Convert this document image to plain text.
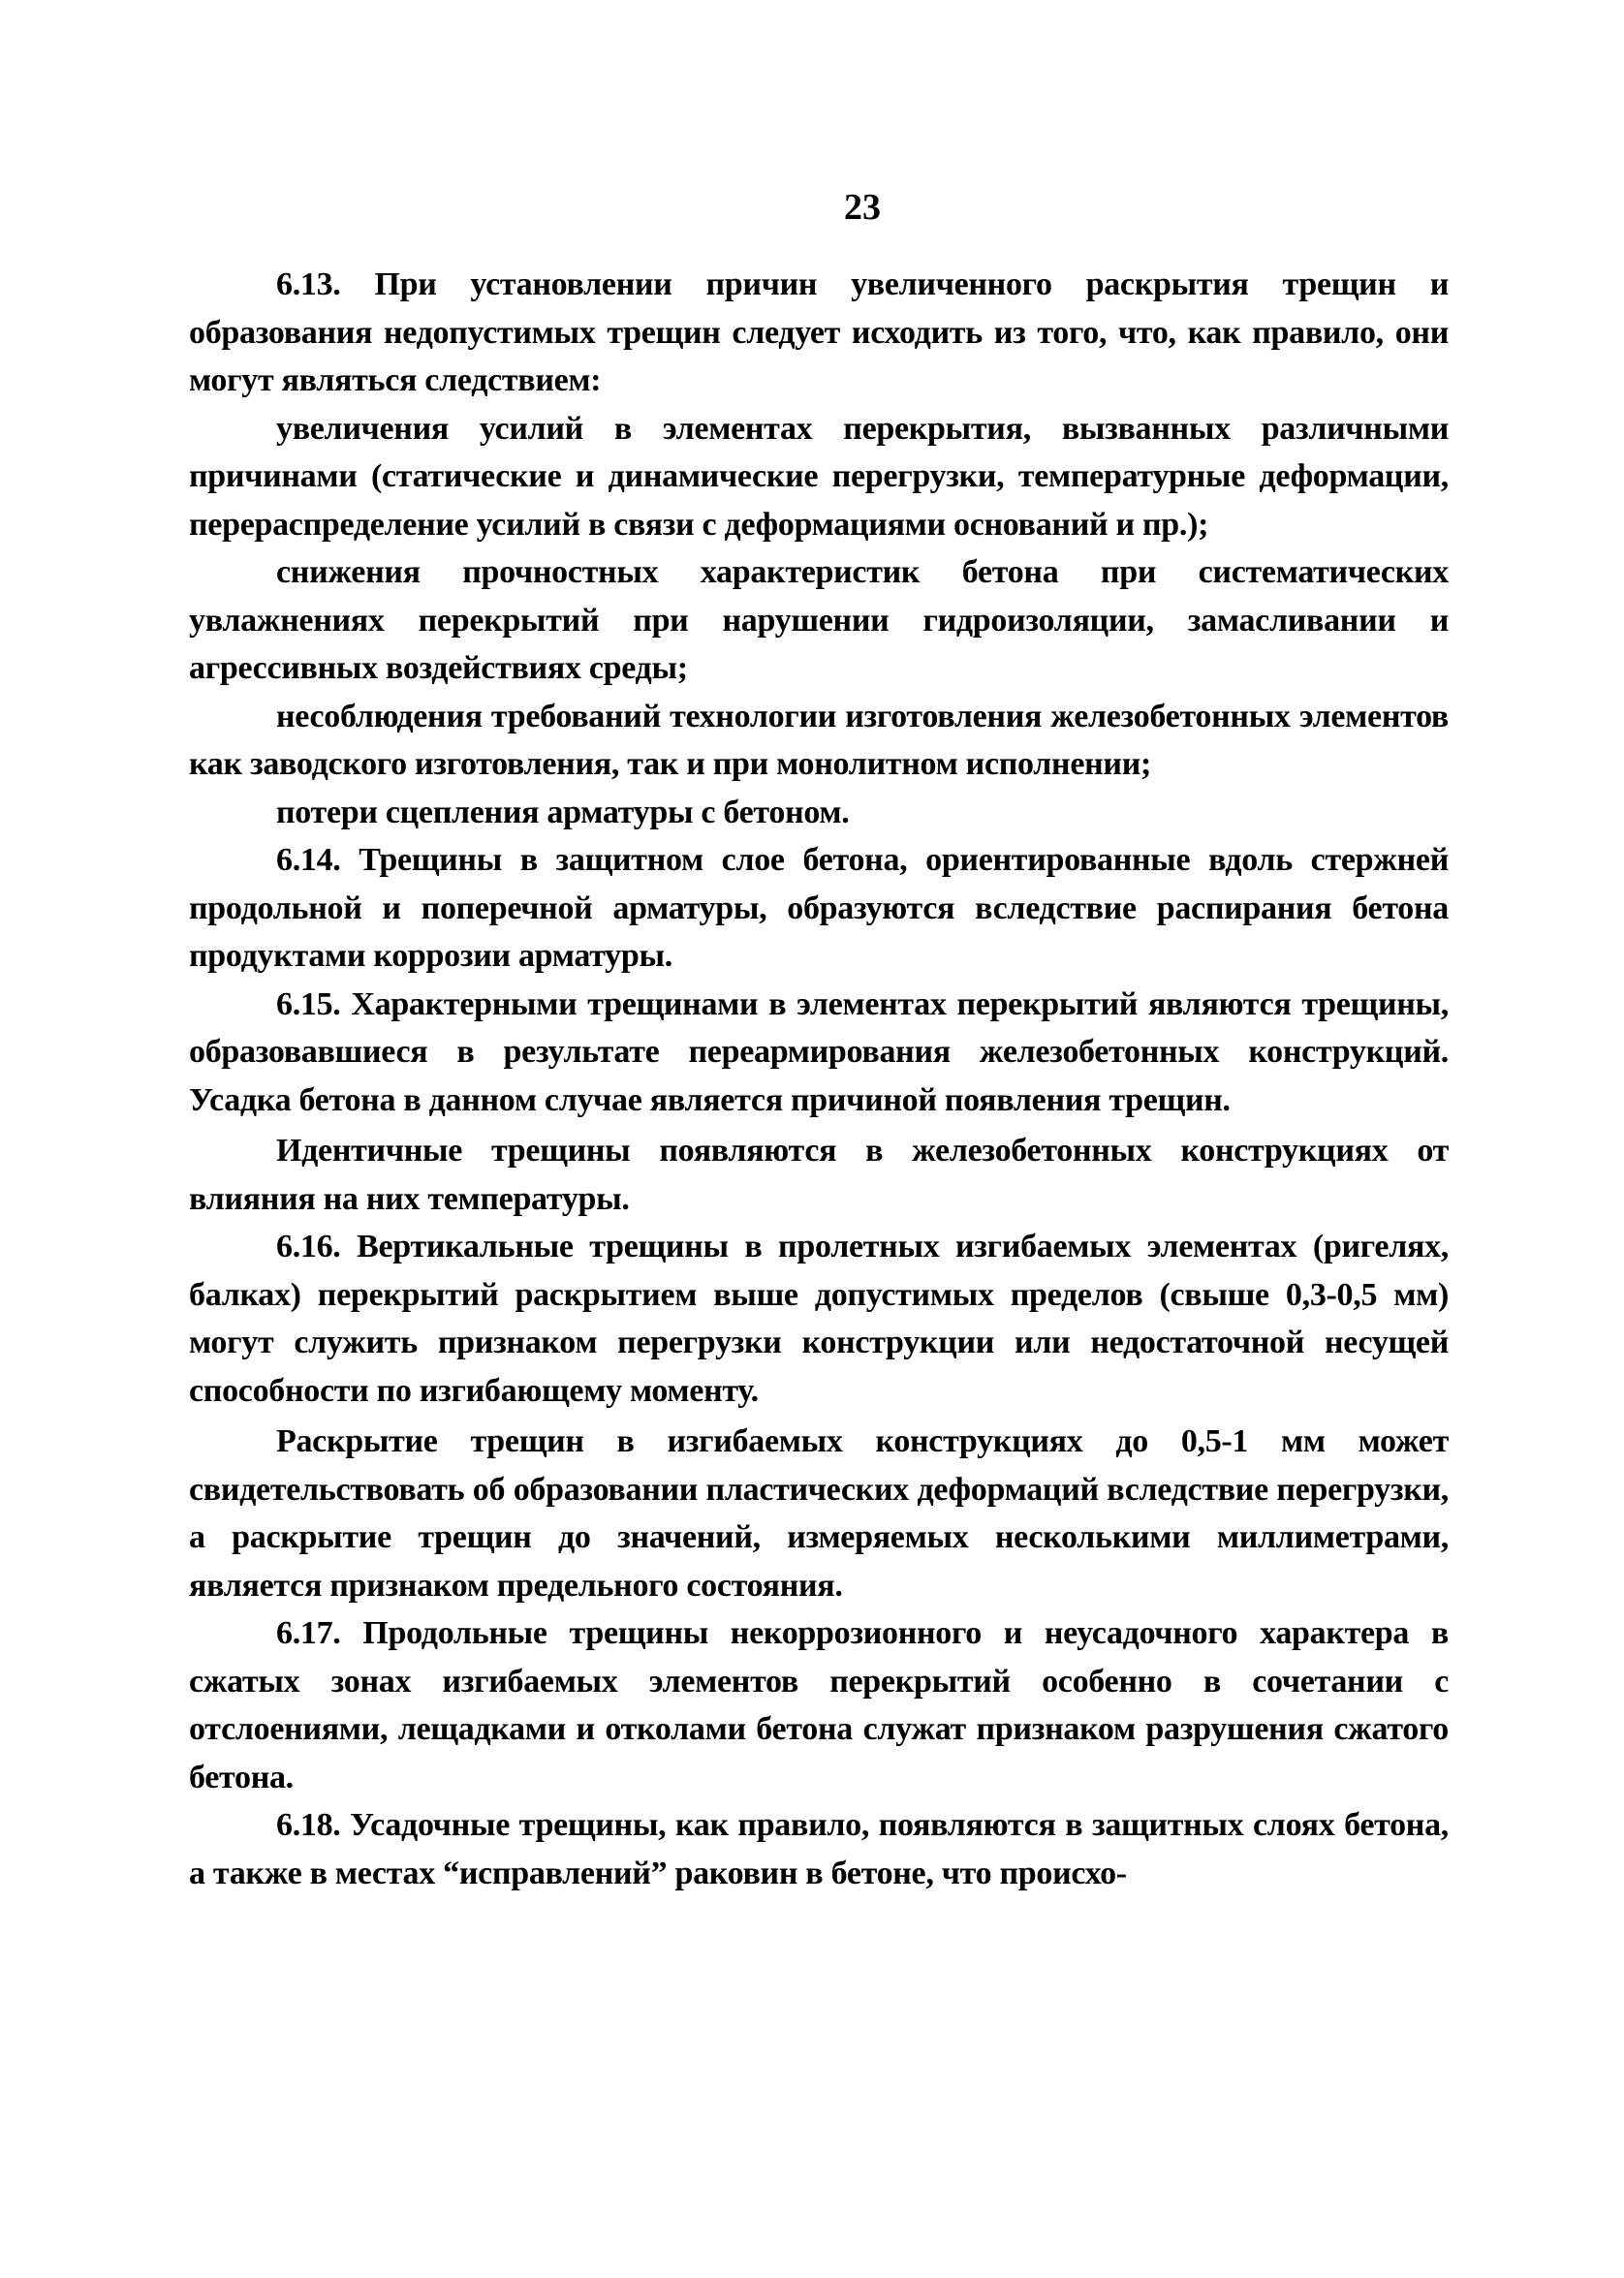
23

6.13. При установлении причин увеличенного раскрытия трещин и образования недопустимых трещин следует исходить из того, что, как правило, они могут являться следствием:

увеличения усилий в элементах перекрытия, вызванных различными причинами (статические и динамические перегрузки, температурные деформации, перераспределение усилий в связи с деформациями оснований и пр.);

снижения прочностных характеристик бетона при систематических увлажнениях перекрытий при нарушении гидроизоляции, замасливании и агрессивных воздействиях среды;

несоблюдения требований технологии изготовления железобетонных элементов как заводского изготовления, так и при монолитном исполнении;

потери сцепления арматуры с бетоном.

6.14. Трещины в защитном слое бетона, ориентированные вдоль стержней продольной и поперечной арматуры, образуются вследствие распирания бетона продуктами коррозии арматуры.

6.15. Характерными трещинами в элементах перекрытий являются трещины, образовавшиеся в результате переармирования железобетонных конструкций. Усадка бетона в данном случае является причиной появления трещин.

Идентичные трещины появляются в железобетонных конструкциях от влияния на них температуры.

6.16. Вертикальные трещины в пролетных изгибаемых элементах (ригелях, балках) перекрытий раскрытием выше допустимых пределов (свыше 0,3-0,5 мм) могут служить признаком перегрузки конструкции или недостаточной несущей способности по изгибающему моменту.

Раскрытие трещин в изгибаемых конструкциях до 0,5-1 мм может свидетельствовать об образовании пластических деформаций вследствие перегрузки, а раскрытие трещин до значений, измеряемых несколькими миллиметрами, является признаком предельного состояния.

6.17. Продольные трещины некоррозионного и неусадочного характера в сжатых зонах изгибаемых элементов перекрытий особенно в сочетании с отслоениями, лещадками и отколами бетона служат признаком разрушения сжатого бетона.

6.18. Усадочные трещины, как правило, появляются в защитных слоях бетона, а также в местах “исправлений” раковин в бетоне, что происхо-
